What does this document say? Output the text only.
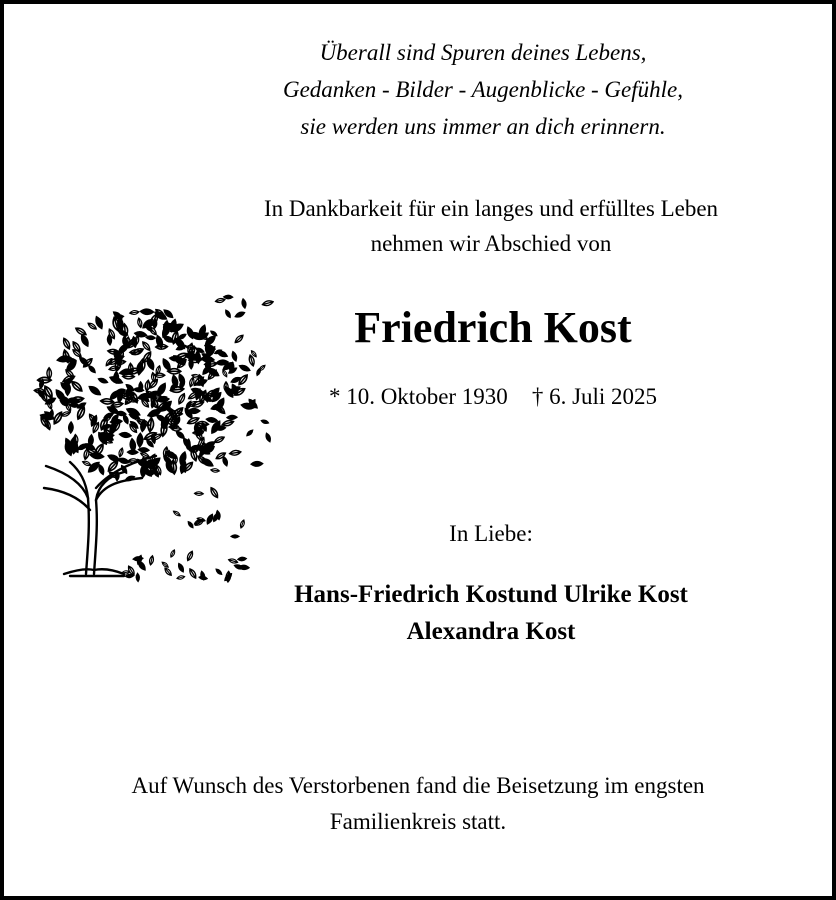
Überall sind Spuren deines Lebens,
Gedanken - Bilder - Augenblicke - Gefühle,
sie werden uns immer an dich erinnern.
In Dankbarkeit für ein langes und erfülltes Leben
nehmen wir Abschied von
Friedrich Kost
* 10. Oktober 1930 † 6. Juli 2025
In Liebe:
Hans-Friedrich Kostund Ulrike Kost
Alexandra Kost
Auf Wunsch des Verstorbenen fand die Beisetzung im engsten
Familienkreis statt.
